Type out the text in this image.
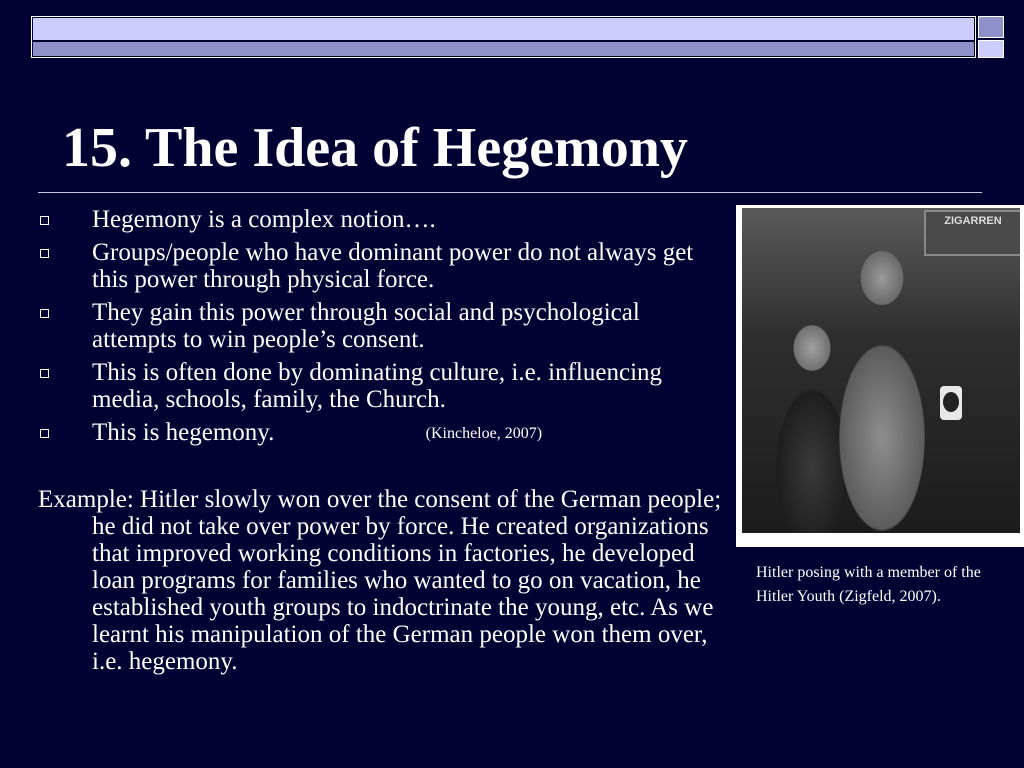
15. The Idea of Hegemony
Hegemony is a complex notion….
Groups/people who have dominant power do not always get this power through physical force.
They gain this power through social and psychological attempts to win people’s consent.
This is often done by dominating culture, i.e. influencing media, schools, family, the Church.
This is hegemony.	(Kincheloe, 2007)

Example: Hitler slowly won over the consent of the German people; he did not take over power by force. He created organizations that improved working conditions in factories, he developed loan programs for families who wanted to go on vacation, he established youth groups to indoctrinate the young, etc. As we learnt his manipulation of the German people won them over, i.e. hegemony.

ZIGARREN

Hitler posing with a member of the Hitler Youth (Zigfeld, 2007).
